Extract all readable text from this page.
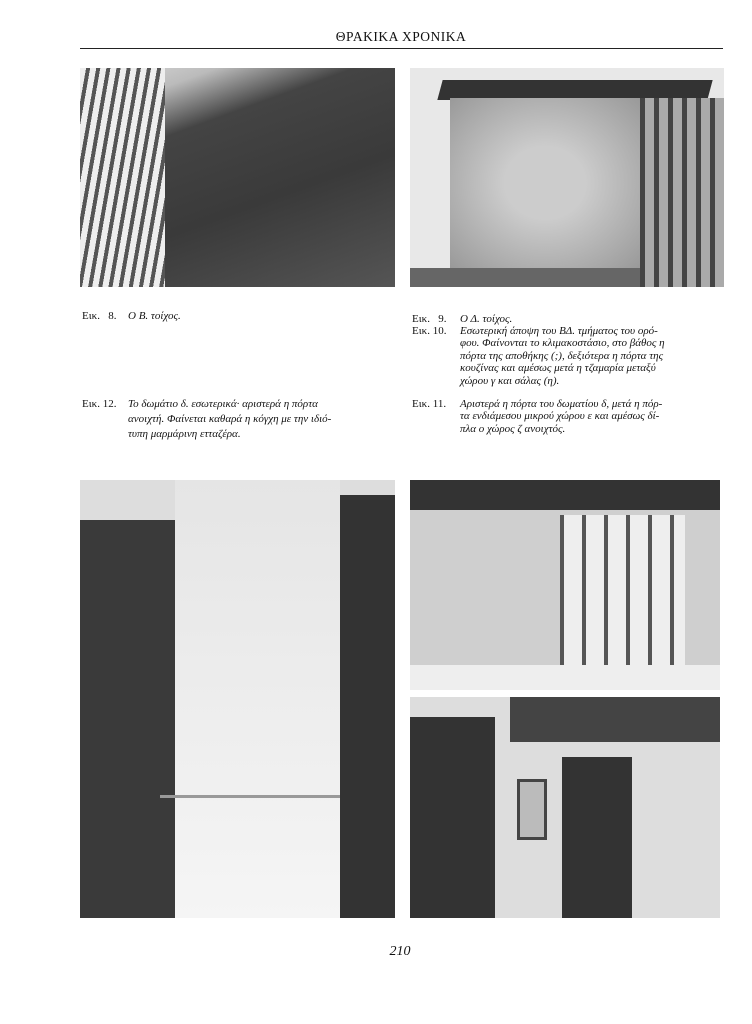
ΘΡΑΚΙΚΑ ΧΡΟΝΙΚΑ
Εικ.   8. Ο Β. τοίχος.
Εικ. 12. Το δωμάτιο δ. εσωτερικά· αριστερά η πόρτα
ανοιχτή. Φαίνεται καθαρά η κόγχη με την ιδιό-
τυπη μαρμάρινη ετταζέρα.
Εικ.   9. Ο Δ. τοίχος.
Εικ. 10. Εσωτερική άποψη του ΒΔ. τμήματος του ορό-
φου. Φαίνονται το κλιμακοστάσιο, στο βάθος η
πόρτα της αποθήκης (;), δεξιότερα η πόρτα της
κουζίνας και αμέσως μετά η τζαμαρία μεταξύ
χώρου γ και σάλας (η).
Εικ. 11. Αριστερά η πόρτα του δωματίου δ, μετά η πόρ-
τα ενδιάμεσου μικρού χώρου ε και αμέσως δί-
πλα ο χώρος ζ ανοιχτός.
210
